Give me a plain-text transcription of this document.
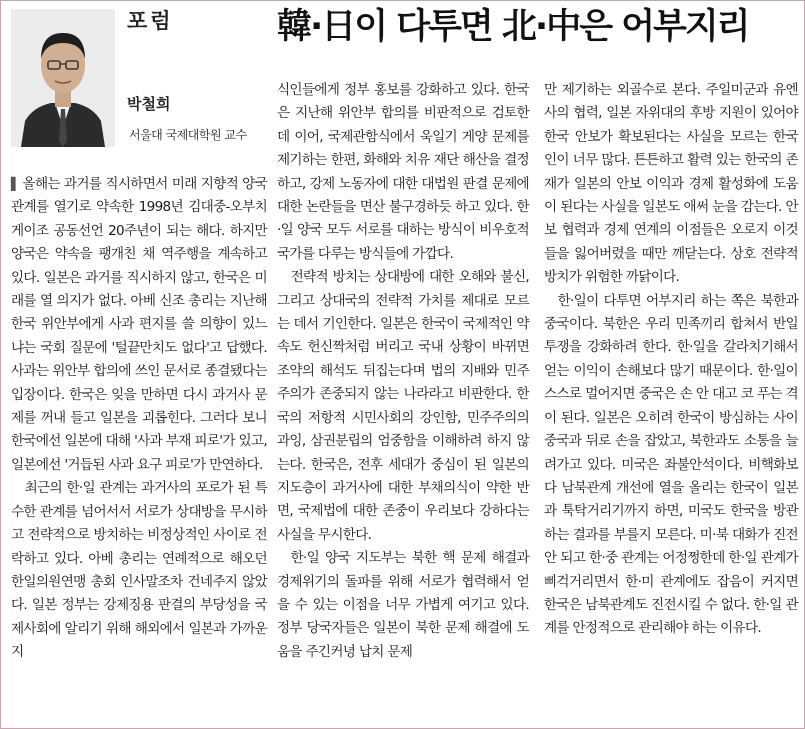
포럼
박철희
서울대 국제대학원 교수
韓·日이 다투면 北·中은 어부지리

▌ 올해는 과거를 직시하면서 미래 지향적 양국 관계를 열기로 약속한 1998년 김대중-오부치 게이조 공동선언 20주년이 되는 해다. 하지만 양국은 약속을 팽개친 채 역주행을 계속하고 있다. 일본은 과거를 직시하지 않고, 한국은 미래를 열 의지가 없다. 아베 신조 총리는 지난해 한국 위안부에게 사과 편지를 쓸 의향이 있느냐는 국회 질문에 '털끝만치도 없다'고 답했다. 사과는 위안부 합의에 쓰인 문서로 종결됐다는 입장이다. 한국은 잊을 만하면 다시 과거사 문제를 꺼내 들고 일본을 괴롭힌다. 그러다 보니 한국에선 일본에 대해 '사과 부재 피로'가 있고, 일본에선 '거듭된 사과 요구 피로'가 만연하다.

최근의 한·일 관계는 과거사의 포로가 된 특수한 관계를 넘어서서 서로가 상대방을 무시하고 전략적으로 방치하는 비정상적인 사이로 전락하고 있다. 아베 총리는 연례적으로 해오던 한일의원연맹 총회 인사말조차 건네주지 않았다. 일본 정부는 강제징용 판결의 부당성을 국제사회에 알리기 위해 해외에서 일본과 가까운 지

식인들에게 정부 홍보를 강화하고 있다. 한국은 지난해 위안부 합의를 비판적으로 검토한 데 이어, 국제관함식에서 욱일기 게양 문제를 제기하는 한편, 화해와 치유 재단 해산을 결정하고, 강제 노동자에 대한 대법원 판결 문제에 대한 논란들을 면산 불구경하듯 하고 있다. 한·일 양국 모두 서로를 대하는 방식이 비우호적 국가를 다루는 방식들에 가깝다.

전략적 방치는 상대방에 대한 오해와 불신, 그리고 상대국의 전략적 가치를 제대로 모르는 데서 기인한다. 일본은 한국이 국제적인 약속도 헌신짝처럼 버리고 국내 상황이 바뀌면 조약의 해석도 뒤집는다며 법의 지배와 민주주의가 존중되지 않는 나라라고 비판한다. 한국의 저항적 시민사회의 강인함, 민주주의의 과잉, 삼권분립의 엄중함을 이해하려 하지 않는다. 한국은, 전후 세대가 중심이 된 일본의 지도층이 과거사에 대한 부채의식이 약한 반면, 국제법에 대한 존중이 우리보다 강하다는 사실을 무시한다.

한·일 양국 지도부는 북한 핵 문제 해결과 경제위기의 돌파를 위해 서로가 협력해서 얻을 수 있는 이점을 너무 가볍게 여기고 있다. 정부 당국자들은 일본이 북한 문제 해결에 도움을 주긴커녕 납치 문제

만 제기하는 외골수로 본다. 주일미군과 유엔사의 협력, 일본 자위대의 후방 지원이 있어야 한국 안보가 확보된다는 사실을 모르는 한국인이 너무 많다. 튼튼하고 활력 있는 한국의 존재가 일본의 안보 이익과 경제 활성화에 도움이 된다는 사실을 일본도 애써 눈을 감는다. 안보 협력과 경제 연계의 이점들은 오로지 이것들을 잃어버렸을 때만 깨닫는다. 상호 전략적 방치가 위험한 까닭이다.

한·일이 다투면 어부지리 하는 쪽은 북한과 중국이다. 북한은 우리 민족끼리 합쳐서 반일 투쟁을 강화하려 한다. 한·일을 갈라치기해서 얻는 이익이 손해보다 많기 때문이다. 한·일이 스스로 멀어지면 중국은 손 안 대고 코 푸는 격이 된다. 일본은 오히려 한국이 방심하는 사이 중국과 뒤로 손을 잡았고, 북한과도 소통을 늘려가고 있다. 미국은 좌불안석이다. 비핵화보다 남북관계 개선에 열을 올리는 한국이 일본과 툭탁거리기까지 하면, 미국도 한국을 방관하는 결과를 부를지 모른다. 미·북 대화가 진전 안 되고 한·중 관계는 어정쩡한데 한·일 관계가 삐걱거리면서 한·미 관계에도 잡음이 커지면 한국은 남북관계도 진전시킬 수 없다. 한·일 관계를 안정적으로 관리해야 하는 이유다.
